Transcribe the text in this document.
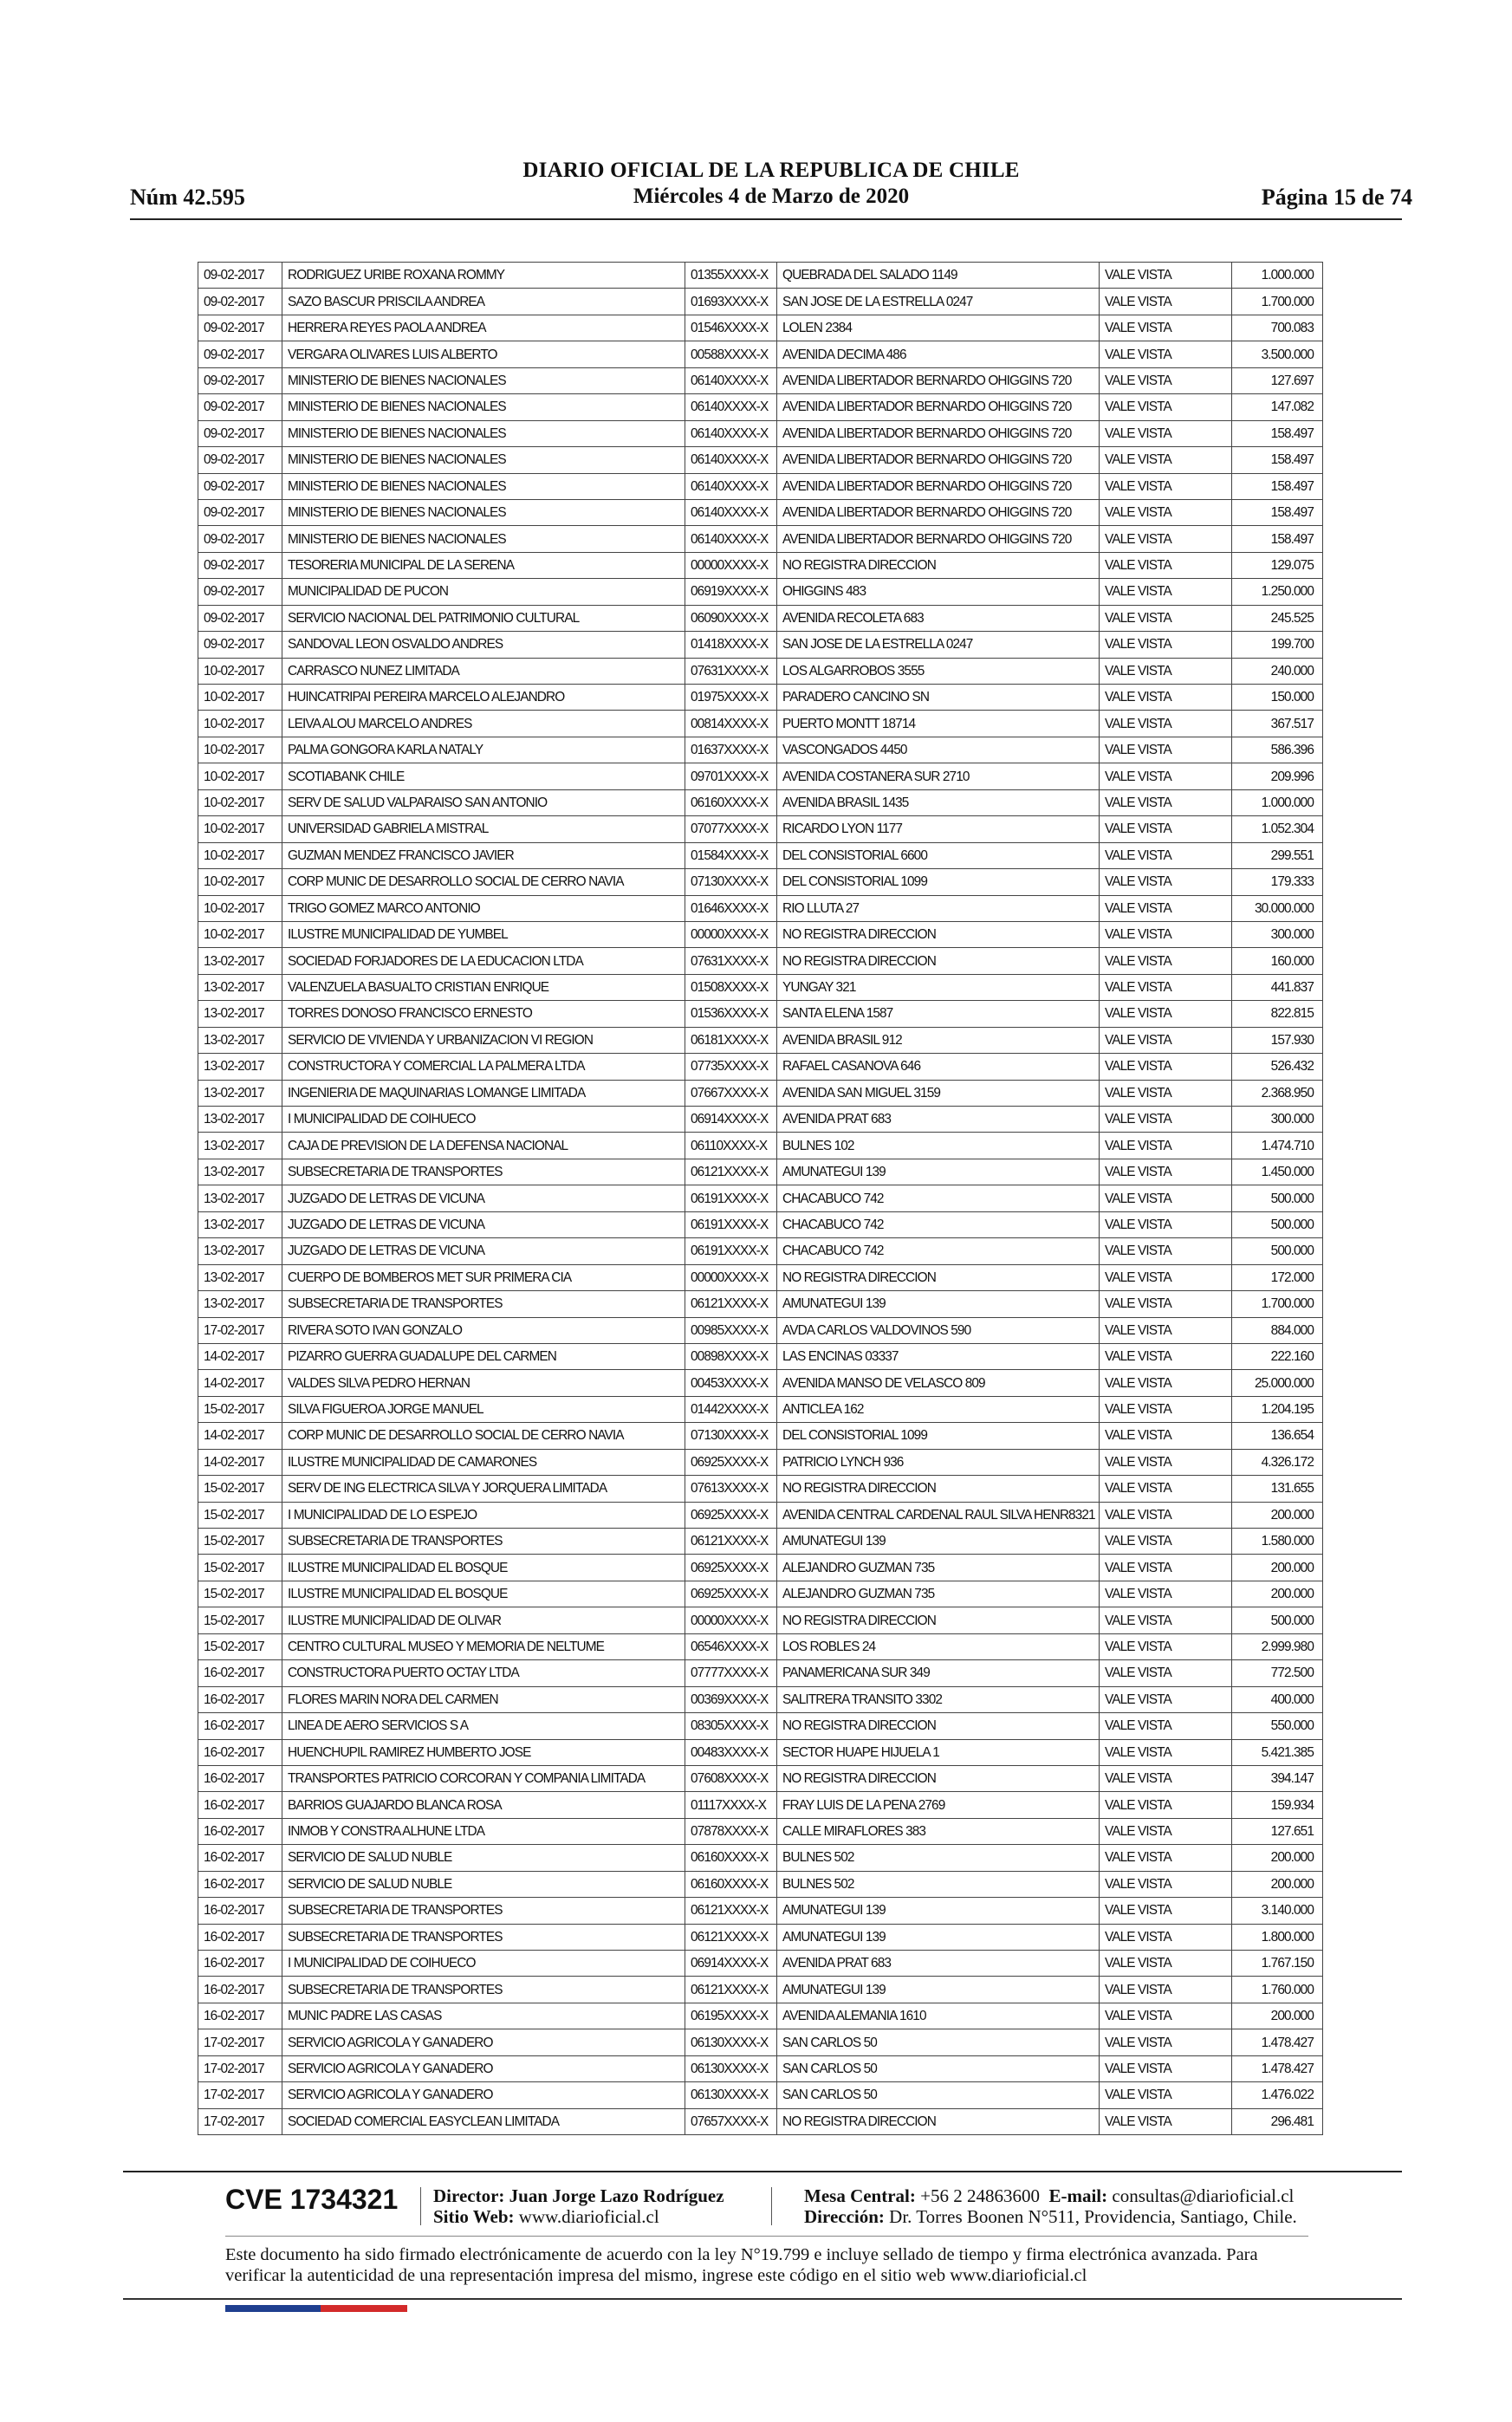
DIARIO OFICIAL DE LA REPUBLICA DE CHILE
Núm 42.595	Miércoles 4 de Marzo de 2020	Página 15 de 74
09-02-2017	RODRIGUEZ URIBE ROXANA ROMMY	01355XXXX-X	QUEBRADA DEL SALADO 1149	VALE VISTA	1.000.000
09-02-2017	SAZO BASCUR PRISCILA ANDREA	01693XXXX-X	SAN JOSE DE LA ESTRELLA 0247	VALE VISTA	1.700.000
09-02-2017	HERRERA REYES PAOLA ANDREA	01546XXXX-X	LOLEN 2384	VALE VISTA	700.083
09-02-2017	VERGARA OLIVARES LUIS ALBERTO	00588XXXX-X	AVENIDA DECIMA 486	VALE VISTA	3.500.000
09-02-2017	MINISTERIO DE BIENES NACIONALES	06140XXXX-X	AVENIDA LIBERTADOR BERNARDO OHIGGINS 720	VALE VISTA	127.697
09-02-2017	MINISTERIO DE BIENES NACIONALES	06140XXXX-X	AVENIDA LIBERTADOR BERNARDO OHIGGINS 720	VALE VISTA	147.082
09-02-2017	MINISTERIO DE BIENES NACIONALES	06140XXXX-X	AVENIDA LIBERTADOR BERNARDO OHIGGINS 720	VALE VISTA	158.497
09-02-2017	MINISTERIO DE BIENES NACIONALES	06140XXXX-X	AVENIDA LIBERTADOR BERNARDO OHIGGINS 720	VALE VISTA	158.497
09-02-2017	MINISTERIO DE BIENES NACIONALES	06140XXXX-X	AVENIDA LIBERTADOR BERNARDO OHIGGINS 720	VALE VISTA	158.497
09-02-2017	MINISTERIO DE BIENES NACIONALES	06140XXXX-X	AVENIDA LIBERTADOR BERNARDO OHIGGINS 720	VALE VISTA	158.497
09-02-2017	MINISTERIO DE BIENES NACIONALES	06140XXXX-X	AVENIDA LIBERTADOR BERNARDO OHIGGINS 720	VALE VISTA	158.497
09-02-2017	TESORERIA MUNICIPAL DE LA SERENA	00000XXXX-X	NO REGISTRA DIRECCION	VALE VISTA	129.075
09-02-2017	MUNICIPALIDAD DE PUCON	06919XXXX-X	OHIGGINS 483	VALE VISTA	1.250.000
09-02-2017	SERVICIO NACIONAL DEL PATRIMONIO CULTURAL	06090XXXX-X	AVENIDA RECOLETA 683	VALE VISTA	245.525
09-02-2017	SANDOVAL LEON OSVALDO ANDRES	01418XXXX-X	SAN JOSE DE LA ESTRELLA 0247	VALE VISTA	199.700
10-02-2017	CARRASCO NUNEZ LIMITADA	07631XXXX-X	LOS ALGARROBOS 3555	VALE VISTA	240.000
10-02-2017	HUINCATRIPAI PEREIRA MARCELO ALEJANDRO	01975XXXX-X	PARADERO CANCINO SN	VALE VISTA	150.000
10-02-2017	LEIVA ALOU MARCELO ANDRES	00814XXXX-X	PUERTO MONTT 18714	VALE VISTA	367.517
10-02-2017	PALMA GONGORA KARLA NATALY	01637XXXX-X	VASCONGADOS 4450	VALE VISTA	586.396
10-02-2017	SCOTIABANK CHILE	09701XXXX-X	AVENIDA COSTANERA SUR 2710	VALE VISTA	209.996
10-02-2017	SERV DE SALUD VALPARAISO SAN ANTONIO	06160XXXX-X	AVENIDA BRASIL 1435	VALE VISTA	1.000.000
10-02-2017	UNIVERSIDAD GABRIELA MISTRAL	07077XXXX-X	RICARDO LYON 1177	VALE VISTA	1.052.304
10-02-2017	GUZMAN MENDEZ FRANCISCO JAVIER	01584XXXX-X	DEL CONSISTORIAL 6600	VALE VISTA	299.551
10-02-2017	CORP MUNIC DE DESARROLLO SOCIAL DE CERRO NAVIA	07130XXXX-X	DEL CONSISTORIAL 1099	VALE VISTA	179.333
10-02-2017	TRIGO GOMEZ MARCO ANTONIO	01646XXXX-X	RIO LLUTA 27	VALE VISTA	30.000.000
10-02-2017	ILUSTRE MUNICIPALIDAD DE YUMBEL	00000XXXX-X	NO REGISTRA DIRECCION	VALE VISTA	300.000
13-02-2017	SOCIEDAD FORJADORES DE LA EDUCACION LTDA	07631XXXX-X	NO REGISTRA DIRECCION	VALE VISTA	160.000
13-02-2017	VALENZUELA BASUALTO CRISTIAN ENRIQUE	01508XXXX-X	YUNGAY 321	VALE VISTA	441.837
13-02-2017	TORRES DONOSO FRANCISCO ERNESTO	01536XXXX-X	SANTA ELENA 1587	VALE VISTA	822.815
13-02-2017	SERVICIO DE VIVIENDA Y URBANIZACION VI REGION	06181XXXX-X	AVENIDA BRASIL 912	VALE VISTA	157.930
13-02-2017	CONSTRUCTORA Y COMERCIAL LA PALMERA LTDA	07735XXXX-X	RAFAEL CASANOVA 646	VALE VISTA	526.432
13-02-2017	INGENIERIA DE MAQUINARIAS LOMANGE LIMITADA	07667XXXX-X	AVENIDA SAN MIGUEL 3159	VALE VISTA	2.368.950
13-02-2017	I MUNICIPALIDAD DE COIHUECO	06914XXXX-X	AVENIDA PRAT 683	VALE VISTA	300.000
13-02-2017	CAJA DE PREVISION DE LA DEFENSA NACIONAL	06110XXXX-X	BULNES 102	VALE VISTA	1.474.710
13-02-2017	SUBSECRETARIA DE TRANSPORTES	06121XXXX-X	AMUNATEGUI 139	VALE VISTA	1.450.000
13-02-2017	JUZGADO DE LETRAS DE VICUNA	06191XXXX-X	CHACABUCO 742	VALE VISTA	500.000
13-02-2017	JUZGADO DE LETRAS DE VICUNA	06191XXXX-X	CHACABUCO 742	VALE VISTA	500.000
13-02-2017	JUZGADO DE LETRAS DE VICUNA	06191XXXX-X	CHACABUCO 742	VALE VISTA	500.000
13-02-2017	CUERPO DE BOMBEROS MET SUR PRIMERA CIA	00000XXXX-X	NO REGISTRA DIRECCION	VALE VISTA	172.000
13-02-2017	SUBSECRETARIA DE TRANSPORTES	06121XXXX-X	AMUNATEGUI 139	VALE VISTA	1.700.000
17-02-2017	RIVERA SOTO IVAN GONZALO	00985XXXX-X	AVDA CARLOS VALDOVINOS 590	VALE VISTA	884.000
14-02-2017	PIZARRO GUERRA GUADALUPE DEL CARMEN	00898XXXX-X	LAS ENCINAS 03337	VALE VISTA	222.160
14-02-2017	VALDES SILVA PEDRO HERNAN	00453XXXX-X	AVENIDA MANSO DE VELASCO 809	VALE VISTA	25.000.000
15-02-2017	SILVA FIGUEROA JORGE MANUEL	01442XXXX-X	ANTICLEA 162	VALE VISTA	1.204.195
14-02-2017	CORP MUNIC DE DESARROLLO SOCIAL DE CERRO NAVIA	07130XXXX-X	DEL CONSISTORIAL 1099	VALE VISTA	136.654
14-02-2017	ILUSTRE MUNICIPALIDAD DE CAMARONES	06925XXXX-X	PATRICIO LYNCH 936	VALE VISTA	4.326.172
15-02-2017	SERV DE ING ELECTRICA SILVA Y JORQUERA LIMITADA	07613XXXX-X	NO REGISTRA DIRECCION	VALE VISTA	131.655
15-02-2017	I MUNICIPALIDAD DE LO ESPEJO	06925XXXX-X	AVENIDA CENTRAL CARDENAL RAUL SILVA HENR8321	VALE VISTA	200.000
15-02-2017	SUBSECRETARIA DE TRANSPORTES	06121XXXX-X	AMUNATEGUI 139	VALE VISTA	1.580.000
15-02-2017	ILUSTRE MUNICIPALIDAD EL BOSQUE	06925XXXX-X	ALEJANDRO GUZMAN 735	VALE VISTA	200.000
15-02-2017	ILUSTRE MUNICIPALIDAD EL BOSQUE	06925XXXX-X	ALEJANDRO GUZMAN 735	VALE VISTA	200.000
15-02-2017	ILUSTRE MUNICIPALIDAD DE OLIVAR	00000XXXX-X	NO REGISTRA DIRECCION	VALE VISTA	500.000
15-02-2017	CENTRO CULTURAL MUSEO Y MEMORIA DE NELTUME	06546XXXX-X	LOS ROBLES 24	VALE VISTA	2.999.980
16-02-2017	CONSTRUCTORA PUERTO OCTAY LTDA	07777XXXX-X	PANAMERICANA SUR 349	VALE VISTA	772.500
16-02-2017	FLORES MARIN NORA DEL CARMEN	00369XXXX-X	SALITRERA TRANSITO 3302	VALE VISTA	400.000
16-02-2017	LINEA DE AERO SERVICIOS S A	08305XXXX-X	NO REGISTRA DIRECCION	VALE VISTA	550.000
16-02-2017	HUENCHUPIL RAMIREZ HUMBERTO JOSE	00483XXXX-X	SECTOR HUAPE HIJUELA 1	VALE VISTA	5.421.385
16-02-2017	TRANSPORTES PATRICIO CORCORAN Y COMPANIA LIMITADA	07608XXXX-X	NO REGISTRA DIRECCION	VALE VISTA	394.147
16-02-2017	BARRIOS GUAJARDO BLANCA ROSA	01117XXXX-X	FRAY LUIS DE LA PENA 2769	VALE VISTA	159.934
16-02-2017	INMOB Y CONSTRA ALHUNE LTDA	07878XXXX-X	CALLE MIRAFLORES 383	VALE VISTA	127.651
16-02-2017	SERVICIO DE SALUD NUBLE	06160XXXX-X	BULNES 502	VALE VISTA	200.000
16-02-2017	SERVICIO DE SALUD NUBLE	06160XXXX-X	BULNES 502	VALE VISTA	200.000
16-02-2017	SUBSECRETARIA DE TRANSPORTES	06121XXXX-X	AMUNATEGUI 139	VALE VISTA	3.140.000
16-02-2017	SUBSECRETARIA DE TRANSPORTES	06121XXXX-X	AMUNATEGUI 139	VALE VISTA	1.800.000
16-02-2017	I MUNICIPALIDAD DE COIHUECO	06914XXXX-X	AVENIDA PRAT 683	VALE VISTA	1.767.150
16-02-2017	SUBSECRETARIA DE TRANSPORTES	06121XXXX-X	AMUNATEGUI 139	VALE VISTA	1.760.000
16-02-2017	MUNIC PADRE LAS CASAS	06195XXXX-X	AVENIDA ALEMANIA 1610	VALE VISTA	200.000
17-02-2017	SERVICIO AGRICOLA Y GANADERO	06130XXXX-X	SAN CARLOS 50	VALE VISTA	1.478.427
17-02-2017	SERVICIO AGRICOLA Y GANADERO	06130XXXX-X	SAN CARLOS 50	VALE VISTA	1.478.427
17-02-2017	SERVICIO AGRICOLA Y GANADERO	06130XXXX-X	SAN CARLOS 50	VALE VISTA	1.476.022
17-02-2017	SOCIEDAD COMERCIAL EASYCLEAN LIMITADA	07657XXXX-X	NO REGISTRA DIRECCION	VALE VISTA	296.481
CVE 1734321 Director: Juan Jorge Lazo Rodríguez
Sitio Web: www.diarioficial.cl
Mesa Central: +56 2 24863600 E-mail: consultas@diarioficial.cl
Dirección: Dr. Torres Boonen N°511, Providencia, Santiago, Chile.
Este documento ha sido firmado electrónicamente de acuerdo con la ley N°19.799 e incluye sellado de tiempo y firma electrónica avanzada. Para verificar la autenticidad de una representación impresa del mismo, ingrese este código en el sitio web www.diarioficial.cl
